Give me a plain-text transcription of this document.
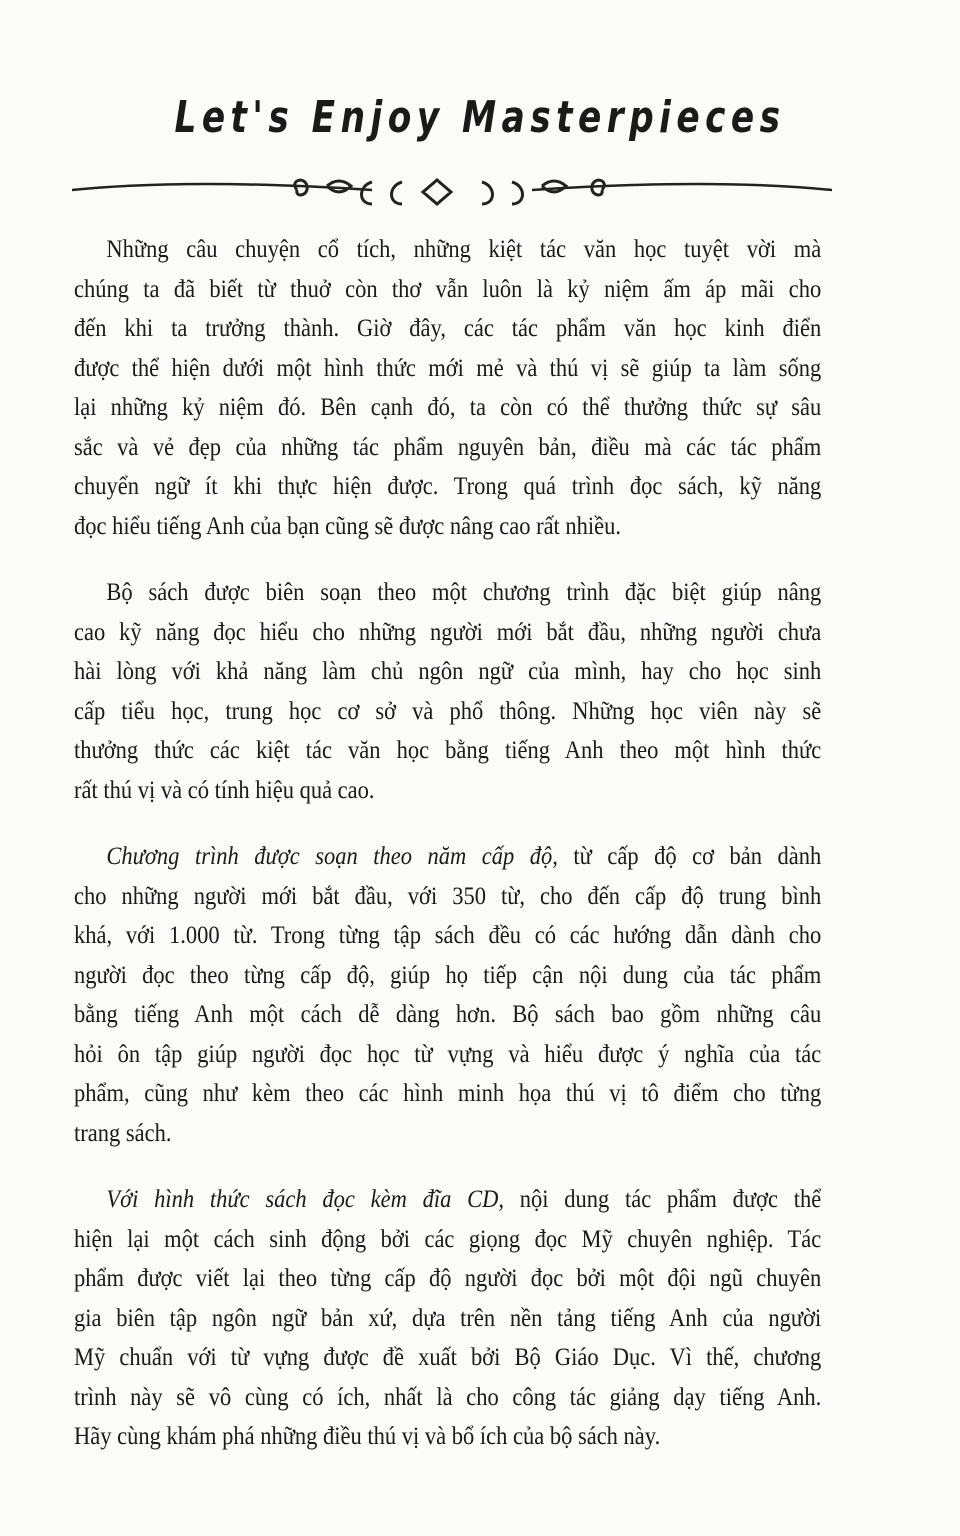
Let's Enjoy Masterpieces
Những câu chuyện cổ tích, những kiệt tác văn học tuyệt vời mà
chúng ta đã biết từ thuở còn thơ vẫn luôn là kỷ niệm ấm áp mãi cho
đến khi ta trưởng thành. Giờ đây, các tác phẩm văn học kinh điển
được thể hiện dưới một hình thức mới mẻ và thú vị sẽ giúp ta làm sống
lại những kỷ niệm đó. Bên cạnh đó, ta còn có thể thưởng thức sự sâu
sắc và vẻ đẹp của những tác phẩm nguyên bản, điều mà các tác phẩm
chuyển ngữ ít khi thực hiện được. Trong quá trình đọc sách, kỹ năng
đọc hiểu tiếng Anh của bạn cũng sẽ được nâng cao rất nhiều.
Bộ sách được biên soạn theo một chương trình đặc biệt giúp nâng
cao kỹ năng đọc hiểu cho những người mới bắt đầu, những người chưa
hài lòng với khả năng làm chủ ngôn ngữ của mình, hay cho học sinh
cấp tiểu học, trung học cơ sở và phổ thông. Những học viên này sẽ
thưởng thức các kiệt tác văn học bằng tiếng Anh theo một hình thức
rất thú vị và có tính hiệu quả cao.
Chương trình được soạn theo năm cấp độ, từ cấp độ cơ bản dành
cho những người mới bắt đầu, với 350 từ, cho đến cấp độ trung bình
khá, với 1.000 từ. Trong từng tập sách đều có các hướng dẫn dành cho
người đọc theo từng cấp độ, giúp họ tiếp cận nội dung của tác phẩm
bằng tiếng Anh một cách dễ dàng hơn. Bộ sách bao gồm những câu
hỏi ôn tập giúp người đọc học từ vựng và hiểu được ý nghĩa của tác
phẩm, cũng như kèm theo các hình minh họa thú vị tô điểm cho từng
trang sách.
Với hình thức sách đọc kèm đĩa CD, nội dung tác phẩm được thể
hiện lại một cách sinh động bởi các giọng đọc Mỹ chuyên nghiệp. Tác
phẩm được viết lại theo từng cấp độ người đọc bởi một đội ngũ chuyên
gia biên tập ngôn ngữ bản xứ, dựa trên nền tảng tiếng Anh của người
Mỹ chuẩn với từ vựng được đề xuất bởi Bộ Giáo Dục. Vì thế, chương
trình này sẽ vô cùng có ích, nhất là cho công tác giảng dạy tiếng Anh.
Hãy cùng khám phá những điều thú vị và bổ ích của bộ sách này.
